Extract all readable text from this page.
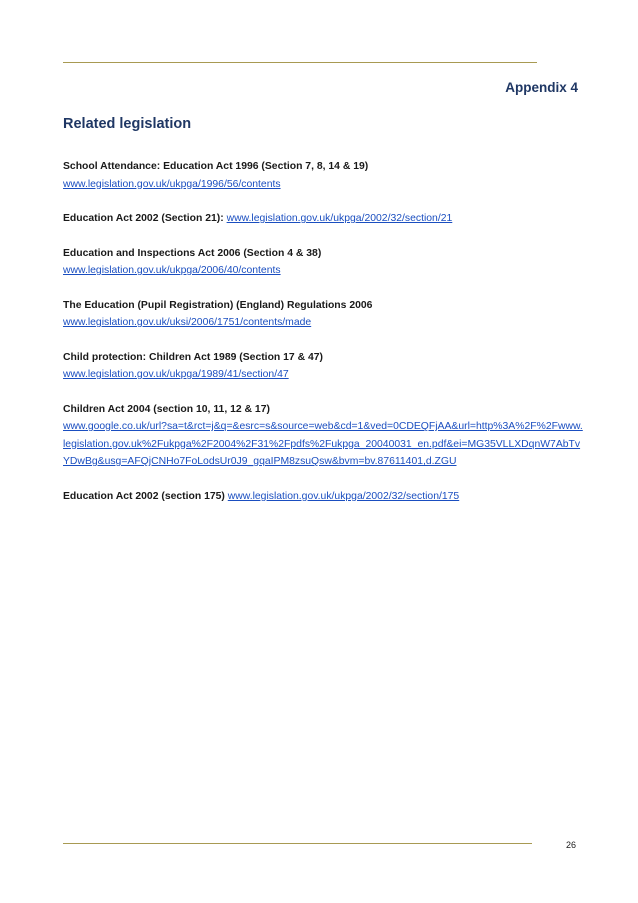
Appendix 4
Related legislation
School Attendance: Education Act 1996 (Section 7, 8, 14 & 19)
www.legislation.gov.uk/ukpga/1996/56/contents
Education Act 2002 (Section 21): www.legislation.gov.uk/ukpga/2002/32/section/21
Education and Inspections Act 2006 (Section 4 & 38)
www.legislation.gov.uk/ukpga/2006/40/contents
The Education (Pupil Registration) (England) Regulations 2006
www.legislation.gov.uk/uksi/2006/1751/contents/made
Child protection: Children Act 1989 (Section 17 & 47)
www.legislation.gov.uk/ukpga/1989/41/section/47
Children Act 2004 (section 10, 11, 12 & 17)
www.google.co.uk/url?sa=t&rct=j&q=&esrc=s&source=web&cd=1&ved=0CDEQFjAA&url=http%3A%2F%2Fwww.legislation.gov.uk%2Fukpga%2F2004%2F31%2Fpdfs%2Fukpga_20040031_en.pdf&ei=MG35VLLXDqnW7AbTvYDwBg&usg=AFQjCNHo7FoLodsUr0J9_gqaIPM8zsuQsw&bvm=bv.87611401,d.ZGU
Education Act 2002 (section 175) www.legislation.gov.uk/ukpga/2002/32/section/175
26
